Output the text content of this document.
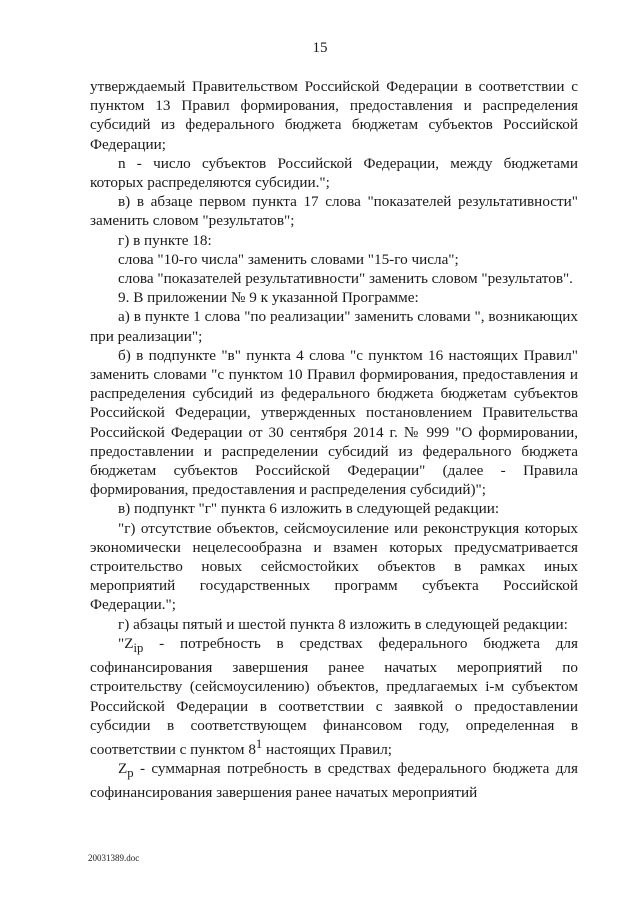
15

утверждаемый Правительством Российской Федерации в соответствии с пунктом 13 Правил формирования, предоставления и распределения субсидий из федерального бюджета бюджетам субъектов Российской Федерации;

n - число субъектов Российской Федерации, между бюджетами которых распределяются субсидии.";

в) в абзаце первом пункта 17 слова "показателей результативности" заменить словом "результатов";

г) в пункте 18:

слова "10-го числа" заменить словами "15-го числа";

слова "показателей результативности" заменить словом "результатов".

9. В приложении № 9 к указанной Программе:

а) в пункте 1 слова "по реализации" заменить словами ", возникающих при реализации";

б) в подпункте "в" пункта 4 слова "с пунктом 16 настоящих Правил" заменить словами "с пунктом 10 Правил формирования, предоставления и распределения субсидий из федерального бюджета бюджетам субъектов Российской Федерации, утвержденных постановлением Правительства Российской Федерации от 30 сентября 2014 г. № 999 "О формировании, предоставлении и распределении субсидий из федерального бюджета бюджетам субъектов Российской Федерации" (далее - Правила формирования, предоставления и распределения субсидий)";

в) подпункт "г" пункта 6 изложить в следующей редакции:

"г) отсутствие объектов, сейсмоусиление или реконструкция которых экономически нецелесообразна и взамен которых предусматривается строительство новых сейсмостойких объектов в рамках иных мероприятий государственных программ субъекта Российской Федерации.";

г) абзацы пятый и шестой пункта 8 изложить в следующей редакции:

"$Z_{ip}$ - потребность в средствах федерального бюджета для софинансирования завершения ранее начатых мероприятий по строительству (сейсмоусилению) объектов, предлагаемых i-м субъектом Российской Федерации в соответствии с заявкой о предоставлении субсидии в соответствующем финансовом году, определенная в соответствии с пунктом $8^1$ настоящих Правил;

$Z_p$ - суммарная потребность в средствах федерального бюджета для софинансирования завершения ранее начатых мероприятий

20031389.doc
